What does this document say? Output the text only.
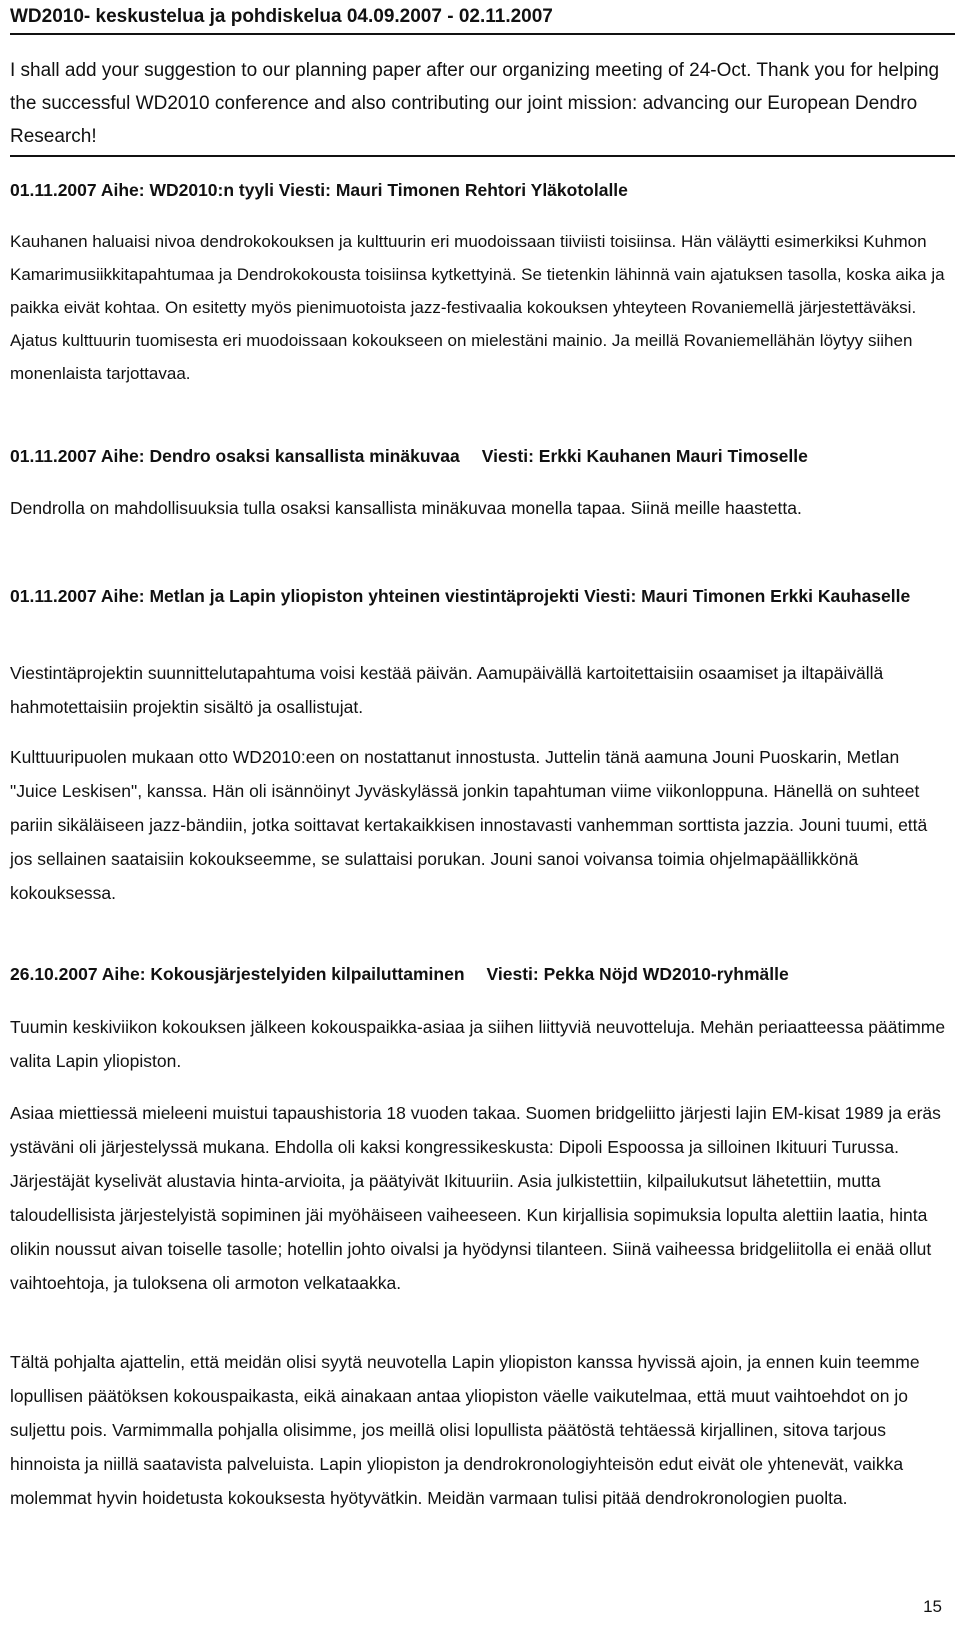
WD2010- keskustelua ja pohdiskelua 04.09.2007 - 02.11.2007
I shall add your suggestion to our planning paper after our organizing meeting of 24-Oct. Thank you for helping the successful WD2010 conference and also contributing our joint mission: advancing our European Dendro Research!
01.11.2007 Aihe: WD2010:n tyyli Viesti: Mauri Timonen Rehtori Yläkotolalle
Kauhanen haluaisi nivoa dendrokokouksen ja kulttuurin eri muodoissaan tiiviisti toisiinsa. Hän väläytti esimerkiksi Kuhmon Kamarimusiikkitapahtumaa ja Dendrokokousta toisiinsa kytkettyinä. Se tietenkin lähinnä vain ajatuksen tasolla, koska aika ja paikka eivät kohtaa. On esitetty myös pienimuotoista jazz-festivaalia kokouksen yhteyteen Rovaniemellä järjestettäväksi. Ajatus kulttuurin tuomisesta eri muodoissaan kokoukseen on mielestäni mainio. Ja meillä Rovaniemellähän löytyy siihen monenlaista tarjottavaa.
01.11.2007 Aihe: Dendro osaksi kansallista minäkuvaa Viesti: Erkki Kauhanen Mauri Timoselle
Dendrolla on mahdollisuuksia tulla osaksi kansallista minäkuvaa monella tapaa. Siinä meille haastetta.
01.11.2007 Aihe: Metlan ja Lapin yliopiston yhteinen viestintäprojekti Viesti: Mauri Timonen Erkki Kauhaselle
Viestintäprojektin suunnittelutapahtuma voisi kestää päivän. Aamupäivällä kartoitettaisiin osaamiset ja iltapäivällä hahmotettaisiin projektin sisältö ja osallistujat.
Kulttuuripuolen mukaan otto WD2010:een on nostattanut innostusta. Juttelin tänä aamuna Jouni Puoskarin, Metlan "Juice Leskisen", kanssa. Hän oli isännöinyt Jyväskylässä jonkin tapahtuman viime viikonloppuna. Hänellä on suhteet pariin sikäläiseen jazz-bändiin, jotka soittavat kertakaikkisen innostavasti vanhemman sorttista jazzia. Jouni tuumi, että jos sellainen saataisiin kokoukseemme, se sulattaisi porukan. Jouni sanoi voivansa toimia ohjelmapäällikkönä kokouksessa.
26.10.2007 Aihe: Kokousjärjestelyiden kilpailuttaminen Viesti: Pekka Nöjd WD2010-ryhmälle
Tuumin keskiviikon kokouksen jälkeen kokouspaikka-asiaa ja siihen liittyviä neuvotteluja. Mehän periaatteessa päätimme valita Lapin yliopiston.
Asiaa miettiessä mieleeni muistui tapaushistoria 18 vuoden takaa. Suomen bridgeliitto järjesti lajin EM-kisat 1989 ja eräs ystäväni oli järjestelyssä mukana. Ehdolla oli kaksi kongressikeskusta: Dipoli Espoossa ja silloinen Ikituuri Turussa. Järjestäjät kyselivät alustavia hinta-arvioita, ja päätyivät Ikituuriin. Asia julkistettiin, kilpailukutsut lähetettiin, mutta taloudellisista järjestelyistä sopiminen jäi myöhäiseen vaiheeseen. Kun kirjallisia sopimuksia lopulta alettiin laatia, hinta olikin noussut aivan toiselle tasolle; hotellin johto oivalsi ja hyödynsi tilanteen. Siinä vaiheessa bridgeliitolla ei enää ollut vaihtoehtoja, ja tuloksena oli armoton velkataakka.
Tältä pohjalta ajattelin, että meidän olisi syytä neuvotella Lapin yliopiston kanssa hyvissä ajoin, ja ennen kuin teemme lopullisen päätöksen kokouspaikasta, eikä ainakaan antaa yliopiston väelle vaikutelmaa, että muut vaihtoehdot on jo suljettu pois. Varmimmalla pohjalla olisimme, jos meillä olisi lopullista päätöstä tehtäessä kirjallinen, sitova tarjous hinnoista ja niillä saatavista palveluista. Lapin yliopiston ja dendrokronologiyhteisön edut eivät ole yhtenevät, vaikka molemmat hyvin hoidetusta kokouksesta hyötyvätkin. Meidän varmaan tulisi pitää dendrokronologien puolta.
15
